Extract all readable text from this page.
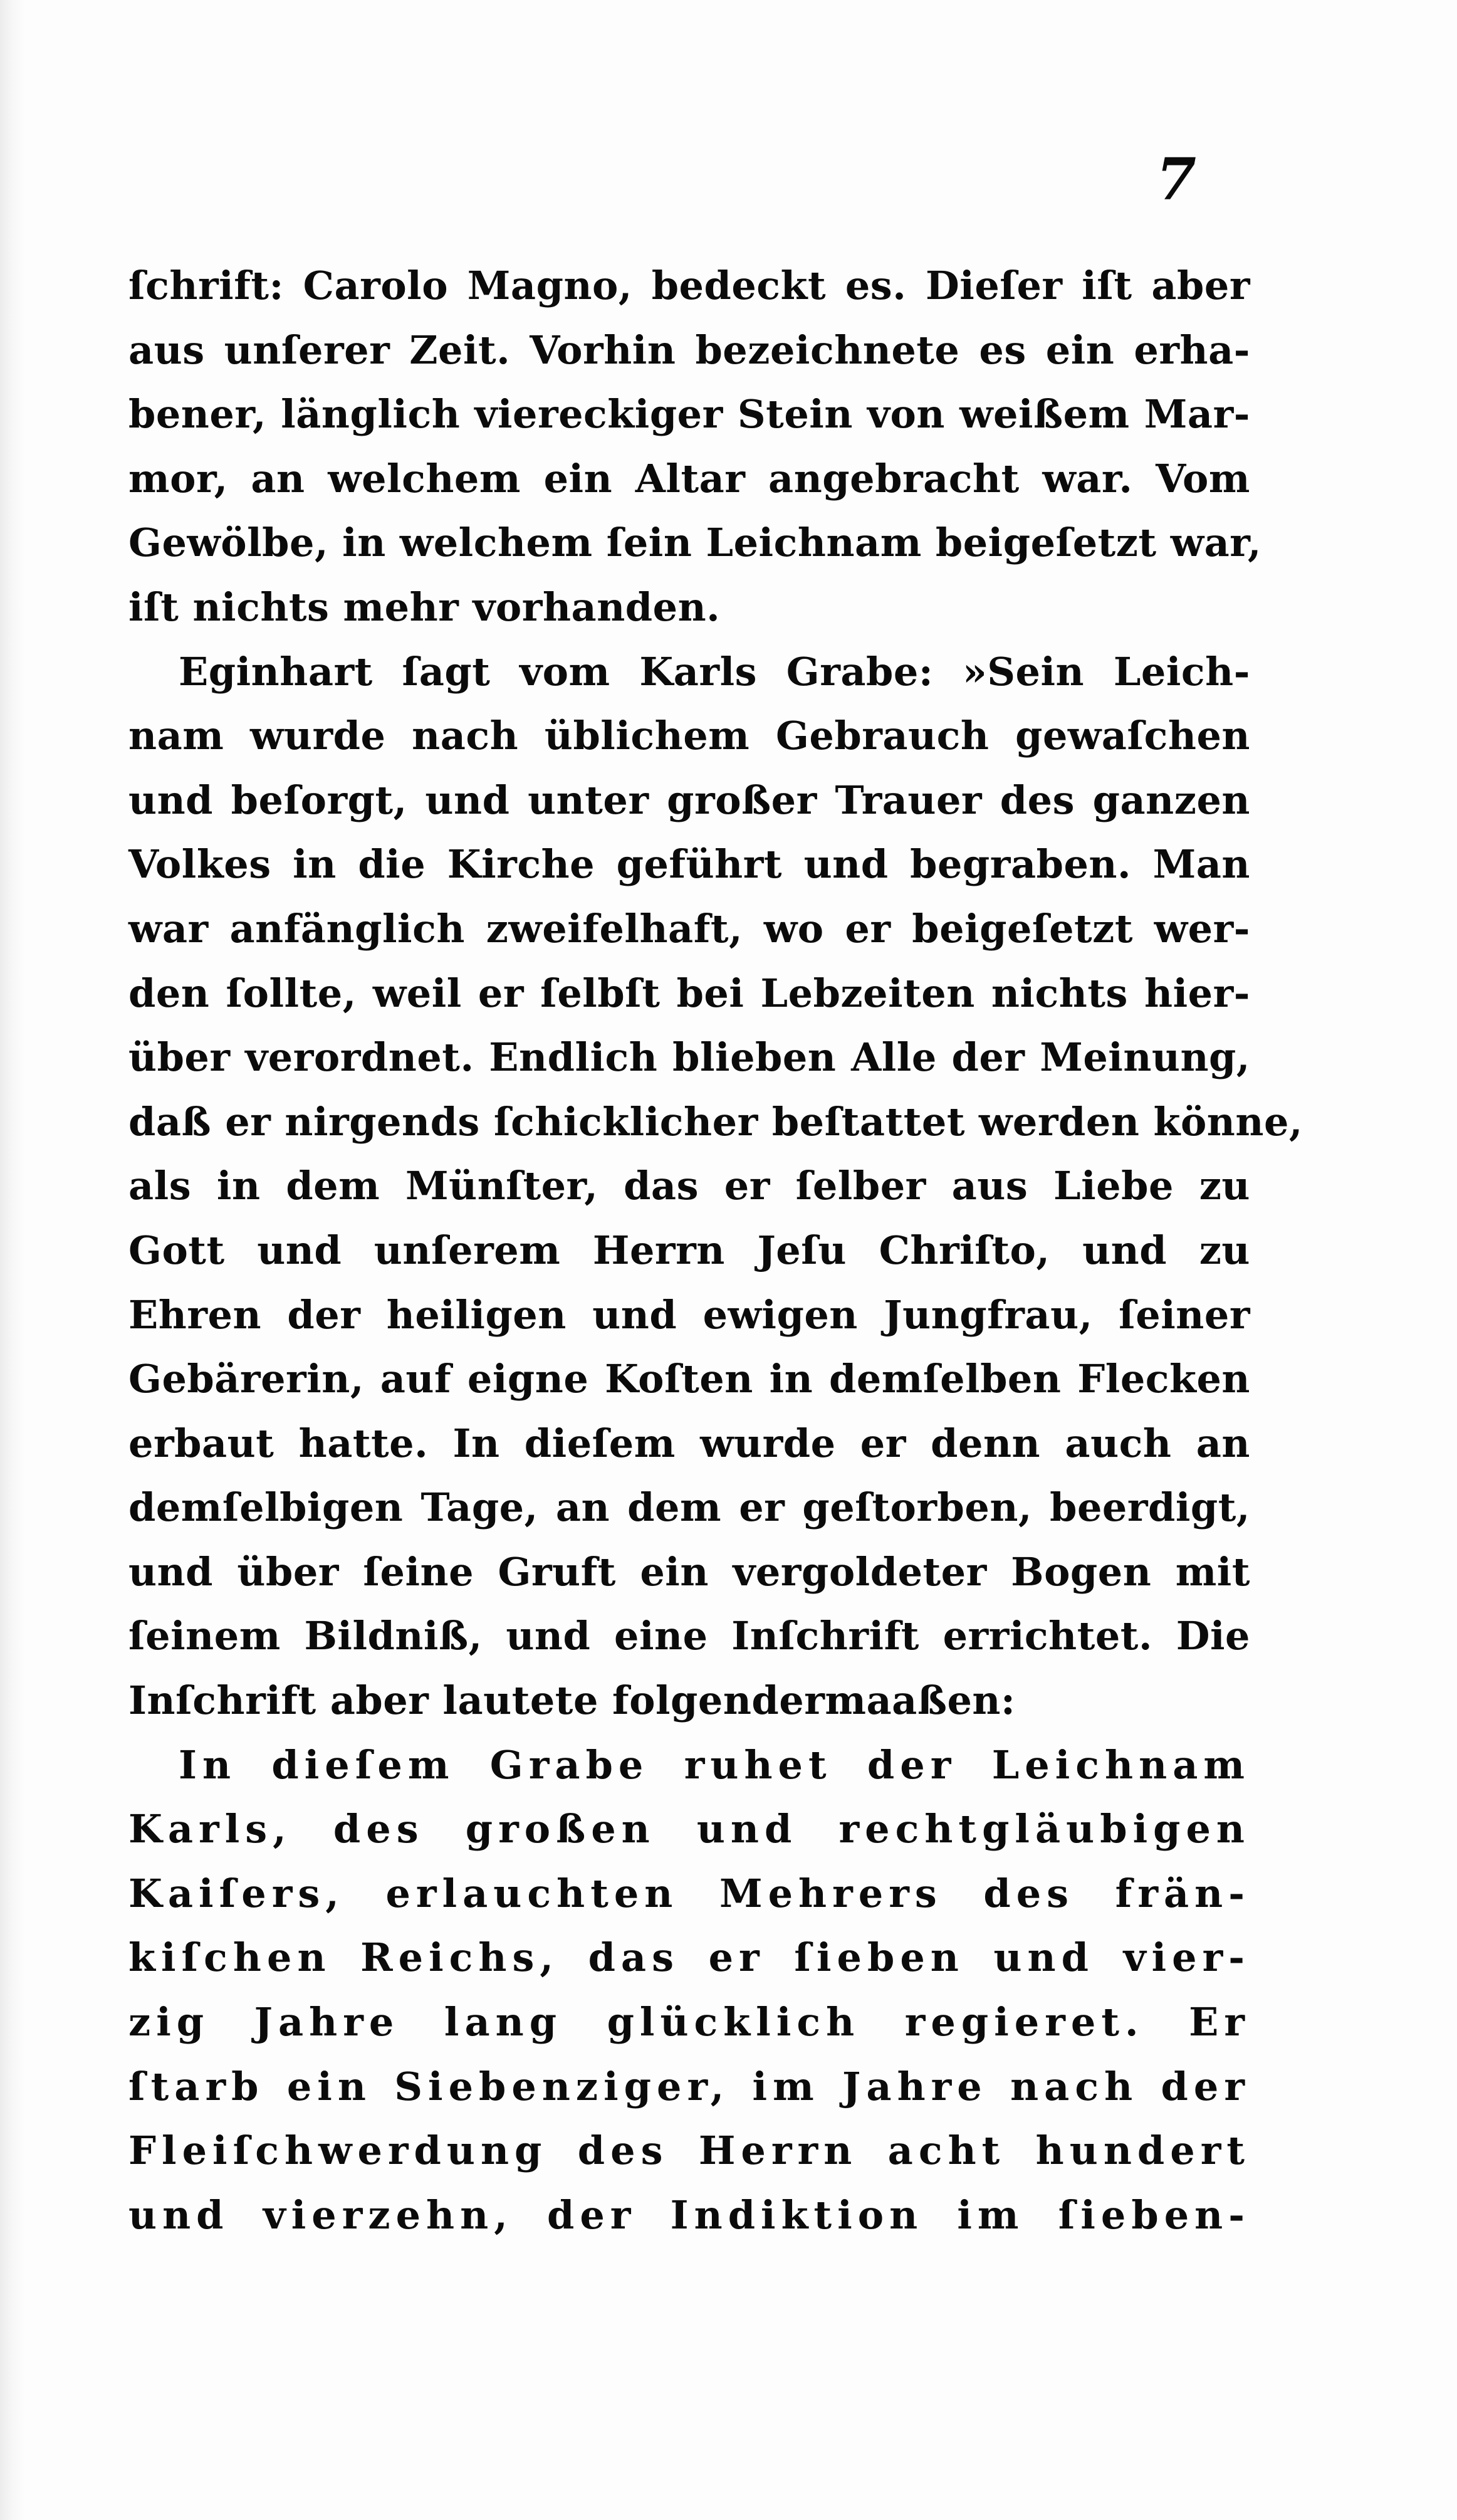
7
ſchrift: Carolo Magno, bedeckt es. Dieſer iſt aber
aus unſerer Zeit. Vorhin bezeichnete es ein erha-
bener, länglich viereckiger Stein von weißem Mar-
mor, an welchem ein Altar angebracht war. Vom
Gewölbe, in welchem ſein Leichnam beigeſetzt war,
iſt nichts mehr vorhanden.
Eginhart ſagt vom Karls Grabe: »Sein Leich-
nam wurde nach üblichem Gebrauch gewaſchen
und beſorgt, und unter großer Trauer des ganzen
Volkes in die Kirche geführt und begraben. Man
war anfänglich zweifelhaft, wo er beigeſetzt wer-
den ſollte, weil er ſelbſt bei Lebzeiten nichts hier-
über verordnet. Endlich blieben Alle der Meinung,
daß er nirgends ſchicklicher beſtattet werden könne,
als in dem Münſter, das er ſelber aus Liebe zu
Gott und unſerem Herrn Jeſu Chriſto, und zu
Ehren der heiligen und ewigen Jungfrau, ſeiner
Gebärerin, auf eigne Koſten in demſelben Flecken
erbaut hatte. In dieſem wurde er denn auch an
demſelbigen Tage, an dem er geſtorben, beerdigt,
und über ſeine Gruft ein vergoldeter Bogen mit
ſeinem Bildniß, und eine Inſchrift errichtet. Die
Inſchrift aber lautete folgendermaaßen:
In dieſem Grabe ruhet der Leichnam
Karls, des großen und rechtgläubigen
Kaiſers, erlauchten Mehrers des frän-
kiſchen Reichs, das er ſieben und vier-
zig Jahre lang glücklich regieret. Er
ſtarb ein Siebenziger, im Jahre nach der
Fleiſchwerdung des Herrn acht hundert
und vierzehn, der Indiktion im ſieben-
